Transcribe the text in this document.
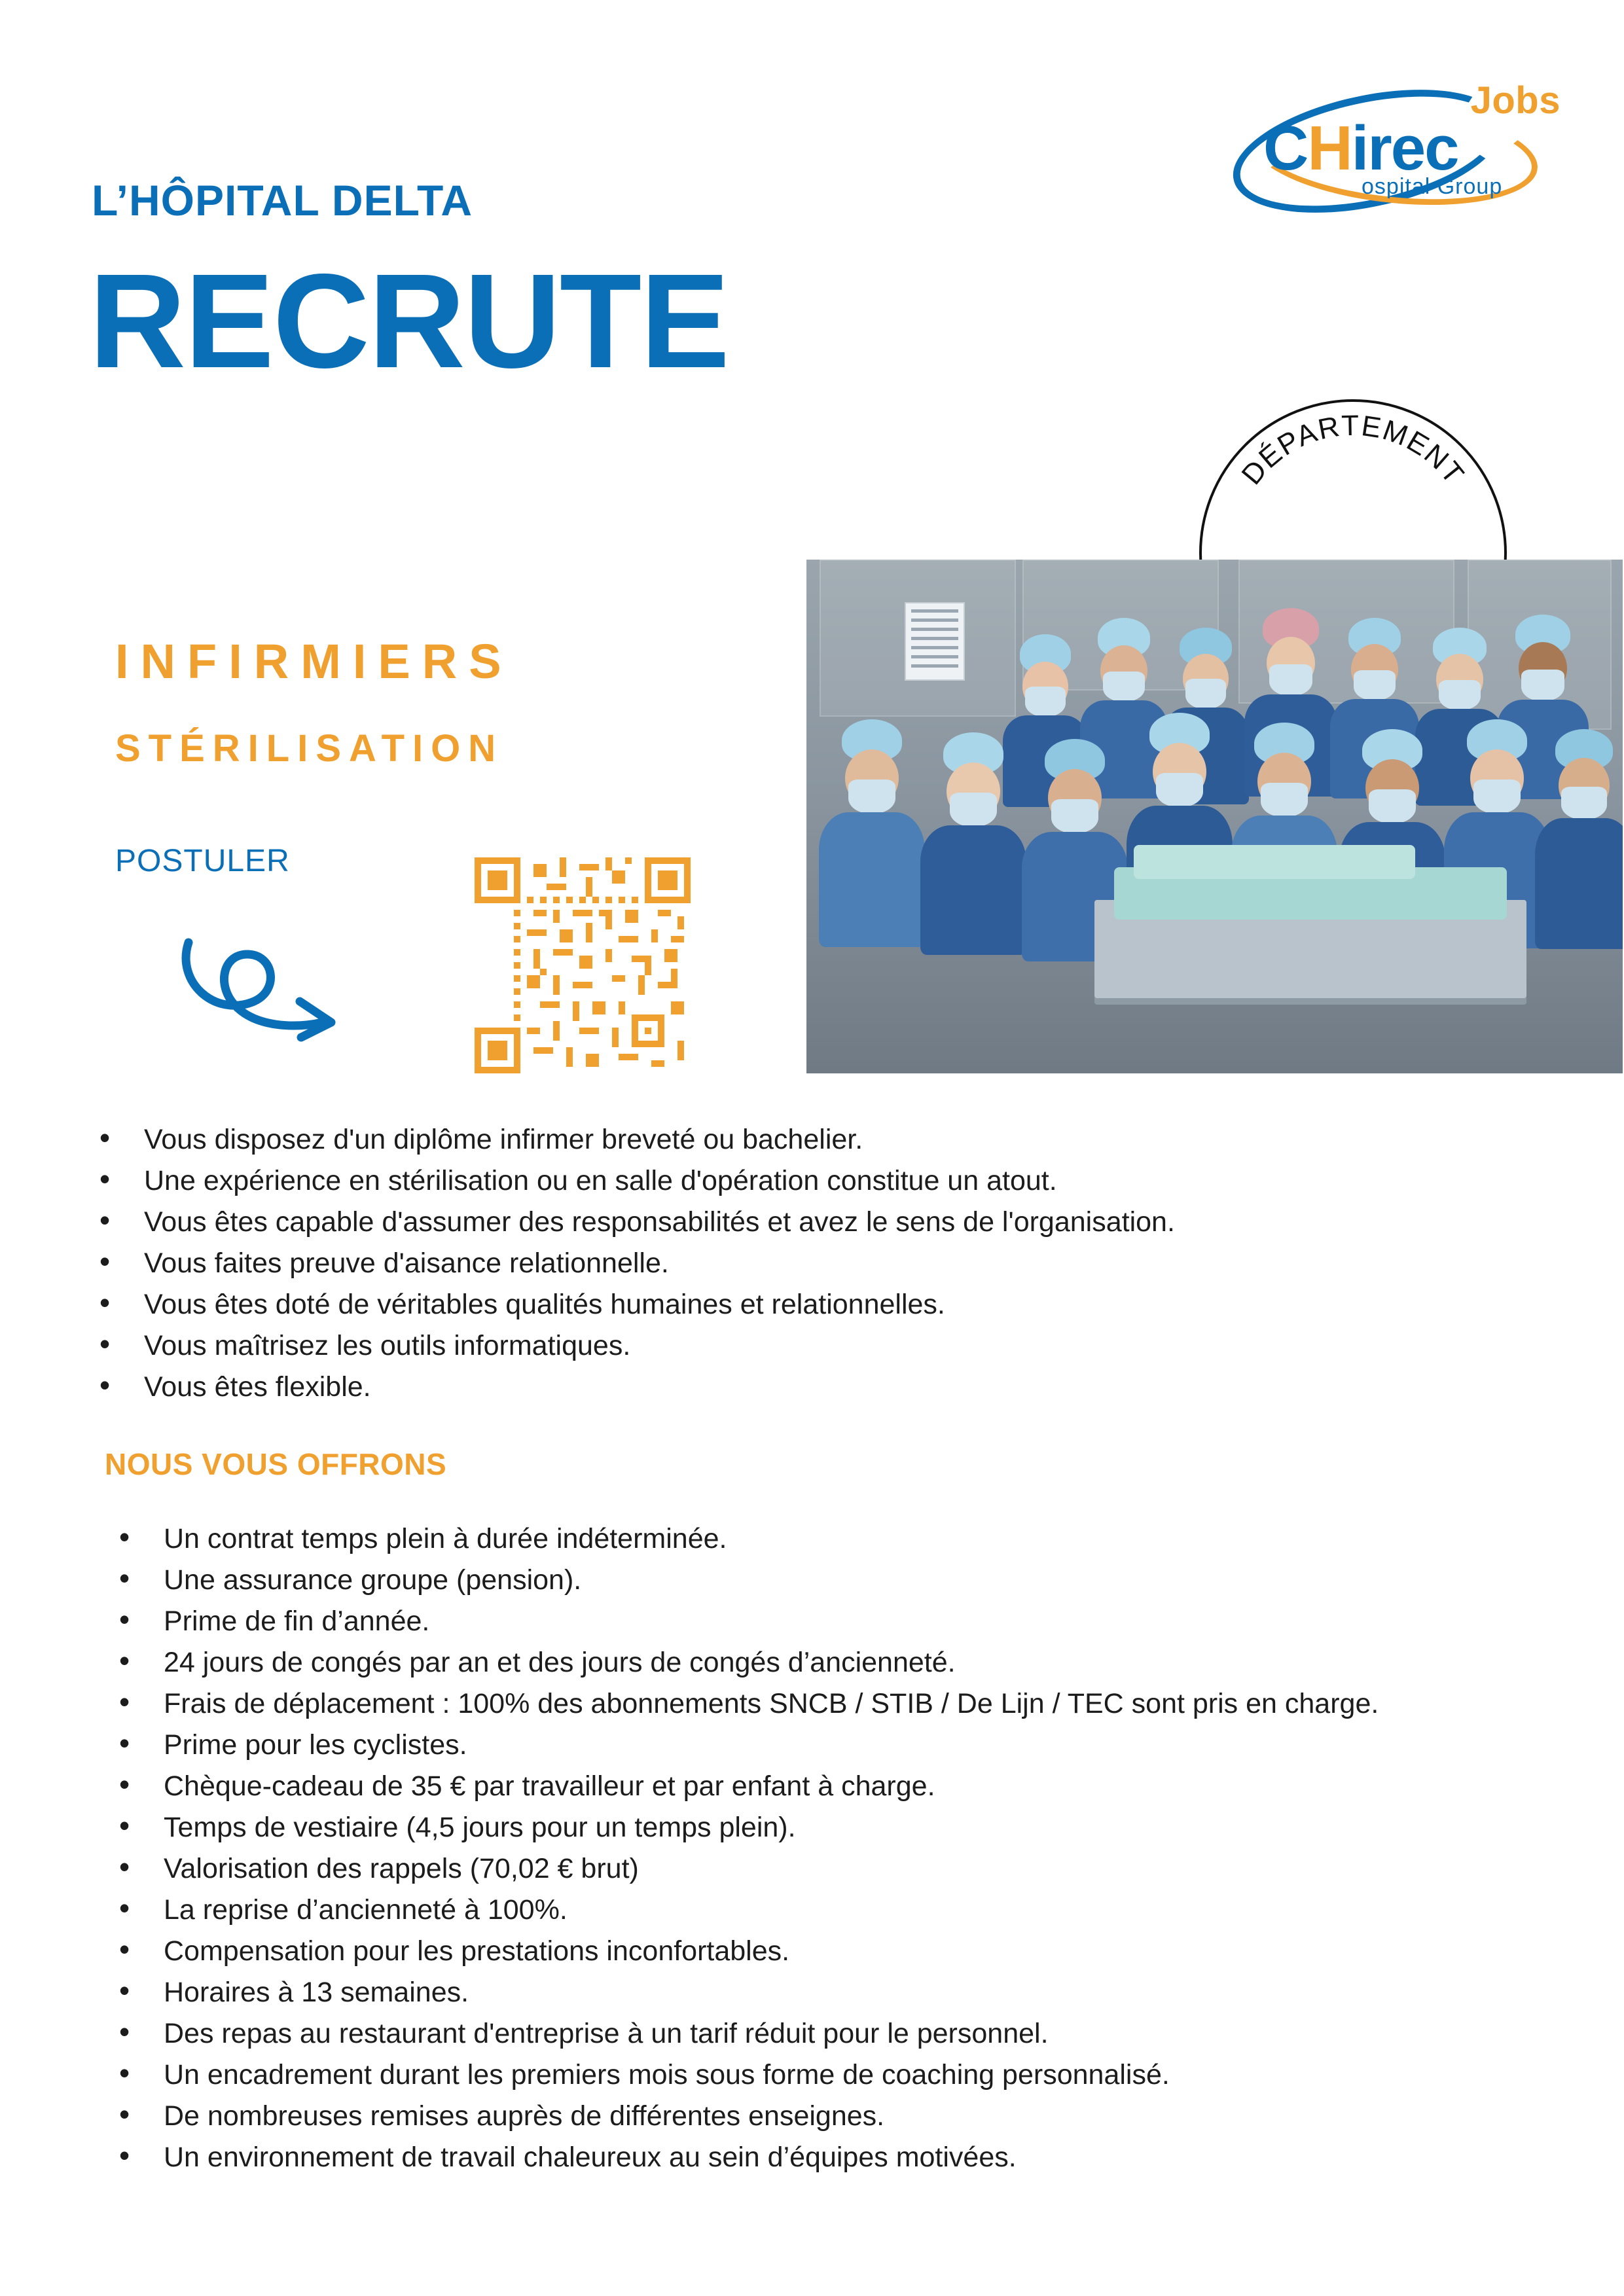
L’HÔPITAL DELTA
RECRUTE
CHirec
ospital Group
Jobs
DÉPARTEMENT
INFIRMIERS
STÉRILISATION
POSTULER
• Vous disposez d'un diplôme infirmer breveté ou bachelier.
• Une expérience en stérilisation ou en salle d'opération constitue un atout.
• Vous êtes capable d'assumer des responsabilités et avez le sens de l'organisation.
• Vous faites preuve d'aisance relationnelle.
• Vous êtes doté de véritables qualités humaines et relationnelles.
• Vous maîtrisez les outils informatiques.
• Vous êtes flexible.
NOUS VOUS OFFRONS
• Un contrat temps plein à durée indéterminée.
• Une assurance groupe (pension).
• Prime de fin d’année.
• 24 jours de congés par an et des jours de congés d’ancienneté.
• Frais de déplacement : 100% des abonnements SNCB / STIB / De Lijn / TEC sont pris en charge.
• Prime pour les cyclistes.
• Chèque-cadeau de 35 € par travailleur et par enfant à charge.
• Temps de vestiaire (4,5 jours pour un temps plein).
• Valorisation des rappels (70,02 € brut)
• La reprise d’ancienneté à 100%.
• Compensation pour les prestations inconfortables.
• Horaires à 13 semaines.
• Des repas au restaurant d'entreprise à un tarif réduit pour le personnel.
• Un encadrement durant les premiers mois sous forme de coaching personnalisé.
• De nombreuses remises auprès de différentes enseignes.
• Un environnement de travail chaleureux au sein d’équipes motivées.
